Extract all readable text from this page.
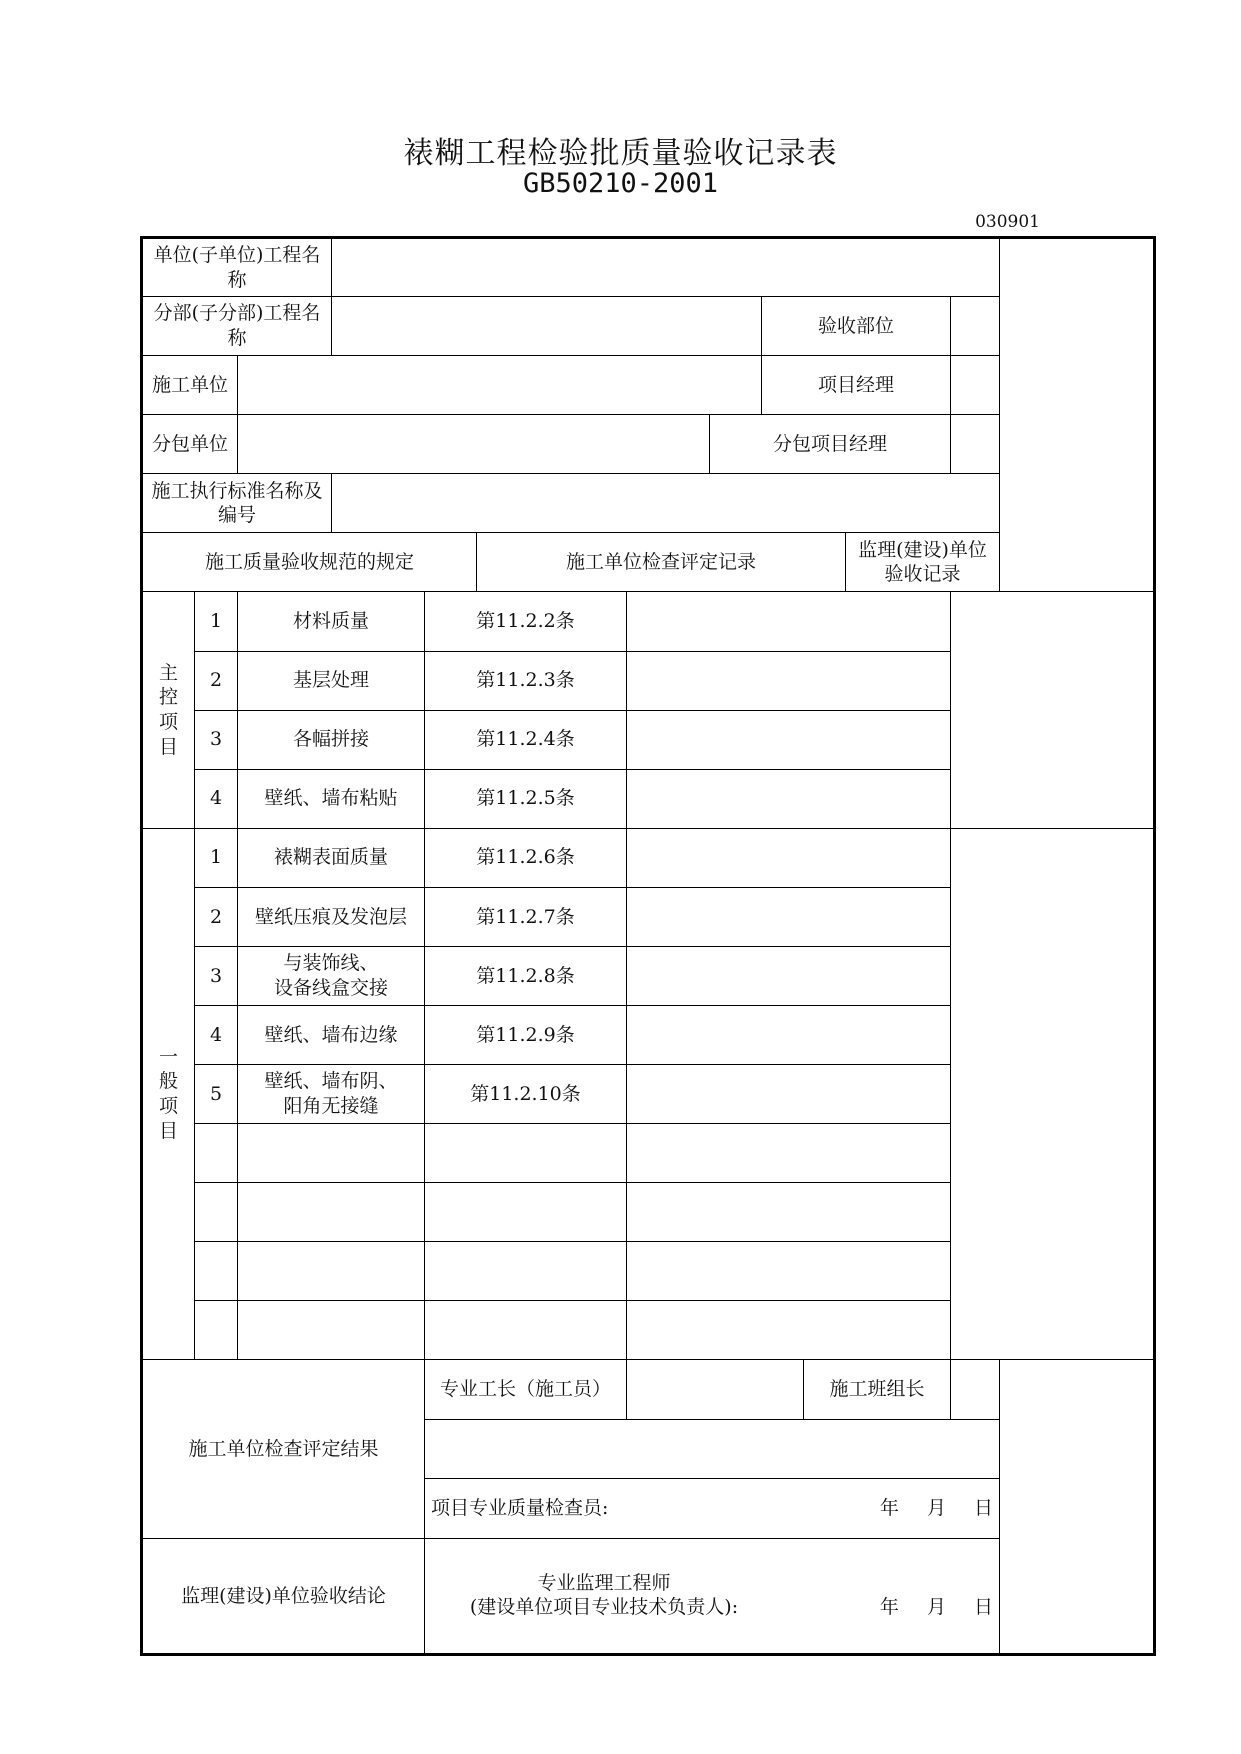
裱糊工程检验批质量验收记录表
GB50210-2001
030901
单位(子单位)工程名称											
分部(子分部)工程名称								验收部位			
施工单位								项目经理			
分包单位							分包项目经理				
施工执行标准名称及编号											
施工质量验收规范的规定					施工单位检查评定记录					监理(建设)单位验收记录	

主
控
项
目	1	材料质量		第11.2.2条							
	2	基层处理		第11.2.3条							
	3	各幅拼接		第11.2.4条							
	4	壁纸、墙布粘贴		第11.2.5条							

一
般
项
目	1	裱糊表面质量		第11.2.6条							
	2	壁纸压痕及发泡层		第11.2.7条							
	3	与装饰线、
设备线盒交接		第11.2.8条							
	4	壁纸、墙布边缘		第11.2.9条							
	5	壁纸、墙布阴、
阳角无接缝		第11.2.10条							

施工单位检查评定结果				专业工长（施工员）					施工班组长		

				项目专业质量检查员: 年 月 日							

监理(建设)单位验收结论				专业监理工程师
(建设单位项目专业技术负责人): 年 月 日							
